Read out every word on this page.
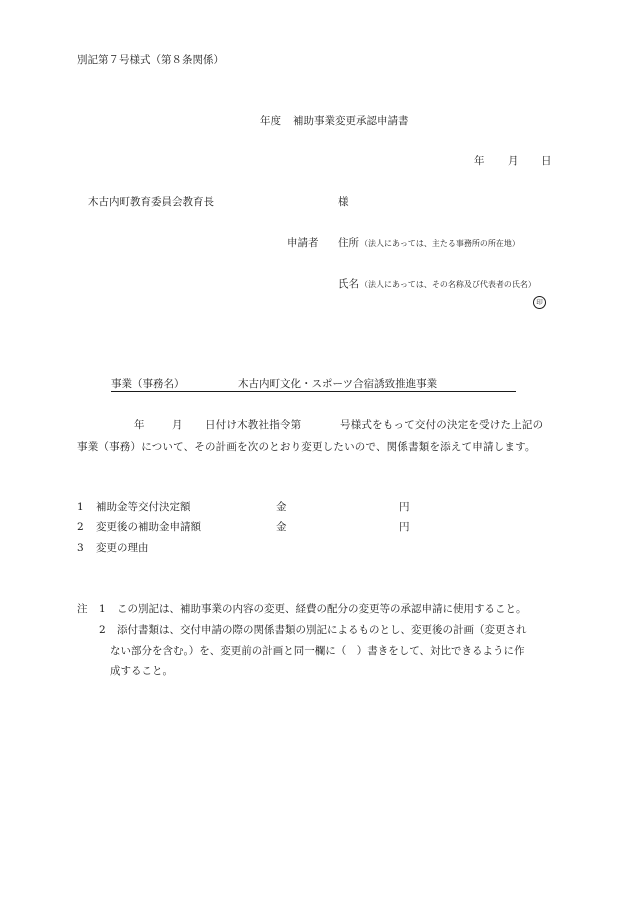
別記第７号様式（第８条関係）
年度 補助事業変更承認申請書
年 月 日
木古内町教育委員会教育長	様
申請者 住所 （法人にあっては、主たる事務所の所在地）
氏名 （法人にあっては、その名称及び代表者の氏名）
印
事業（事務名）	木古内町文化・スポーツ合宿誘致推進事業
年	月 日付け木教社指令第	号様式をもって交付の決定を受けた上記の
事業（事務）について、その計画を次のとおり変更したいので、関係書類を添えて申請します。
1 補助金等交付決定額	金	円
2 変更後の補助金申請額	金	円
3 変更の理由
注 1 この別記は、補助事業の内容の変更、経費の配分の変更等の承認申請に使用すること。
2 添付書類は、交付申請の際の関係書類の別記によるものとし、変更後の計画（変更され
ない部分を含む。）を、変更前の計画と同一欄に（　）書きをして、対比できるように作
成すること。
